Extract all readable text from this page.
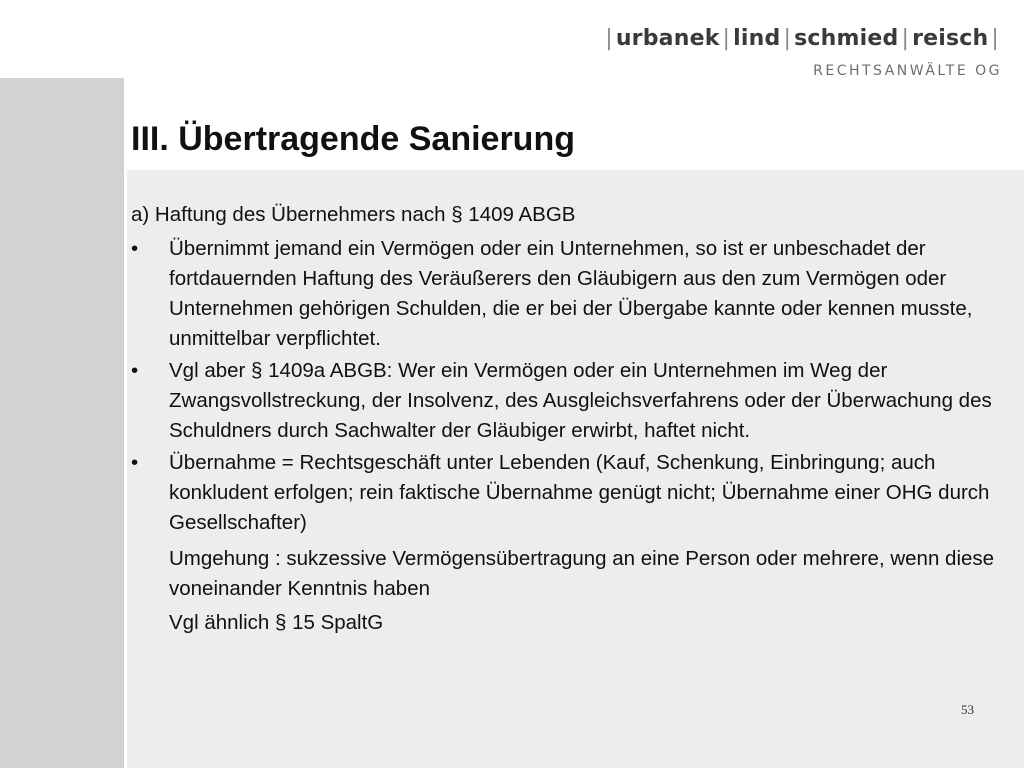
| urbanek | lind | schmied | reisch |
RECHTSANWÄLTE OG
III. Übertragende Sanierung

a) Haftung des Übernehmers nach § 1409 ABGB

•	Übernimmt jemand ein Vermögen oder ein Unternehmen, so ist er unbeschadet der fortdauernden Haftung des Veräußerers den Gläubigern aus den zum Vermögen oder Unternehmen gehörigen Schulden, die er bei der Übergabe kannte oder kennen musste, unmittelbar verpflichtet.
•	Vgl aber § 1409a ABGB: Wer ein Vermögen oder ein Unternehmen im Weg der Zwangsvollstreckung, der Insolvenz, des Ausgleichsverfahrens oder der Überwachung des Schuldners durch Sachwalter der Gläubiger erwirbt, haftet nicht.
•	Übernahme = Rechtsgeschäft unter Lebenden (Kauf, Schenkung, Einbringung; auch konkludent erfolgen; rein faktische Übernahme genügt nicht; Übernahme einer OHG durch Gesellschafter)

Umgehung : sukzessive Vermögensübertragung an eine Person oder mehrere, wenn diese voneinander Kenntnis haben

Vgl ähnlich § 15 SpaltG

53
